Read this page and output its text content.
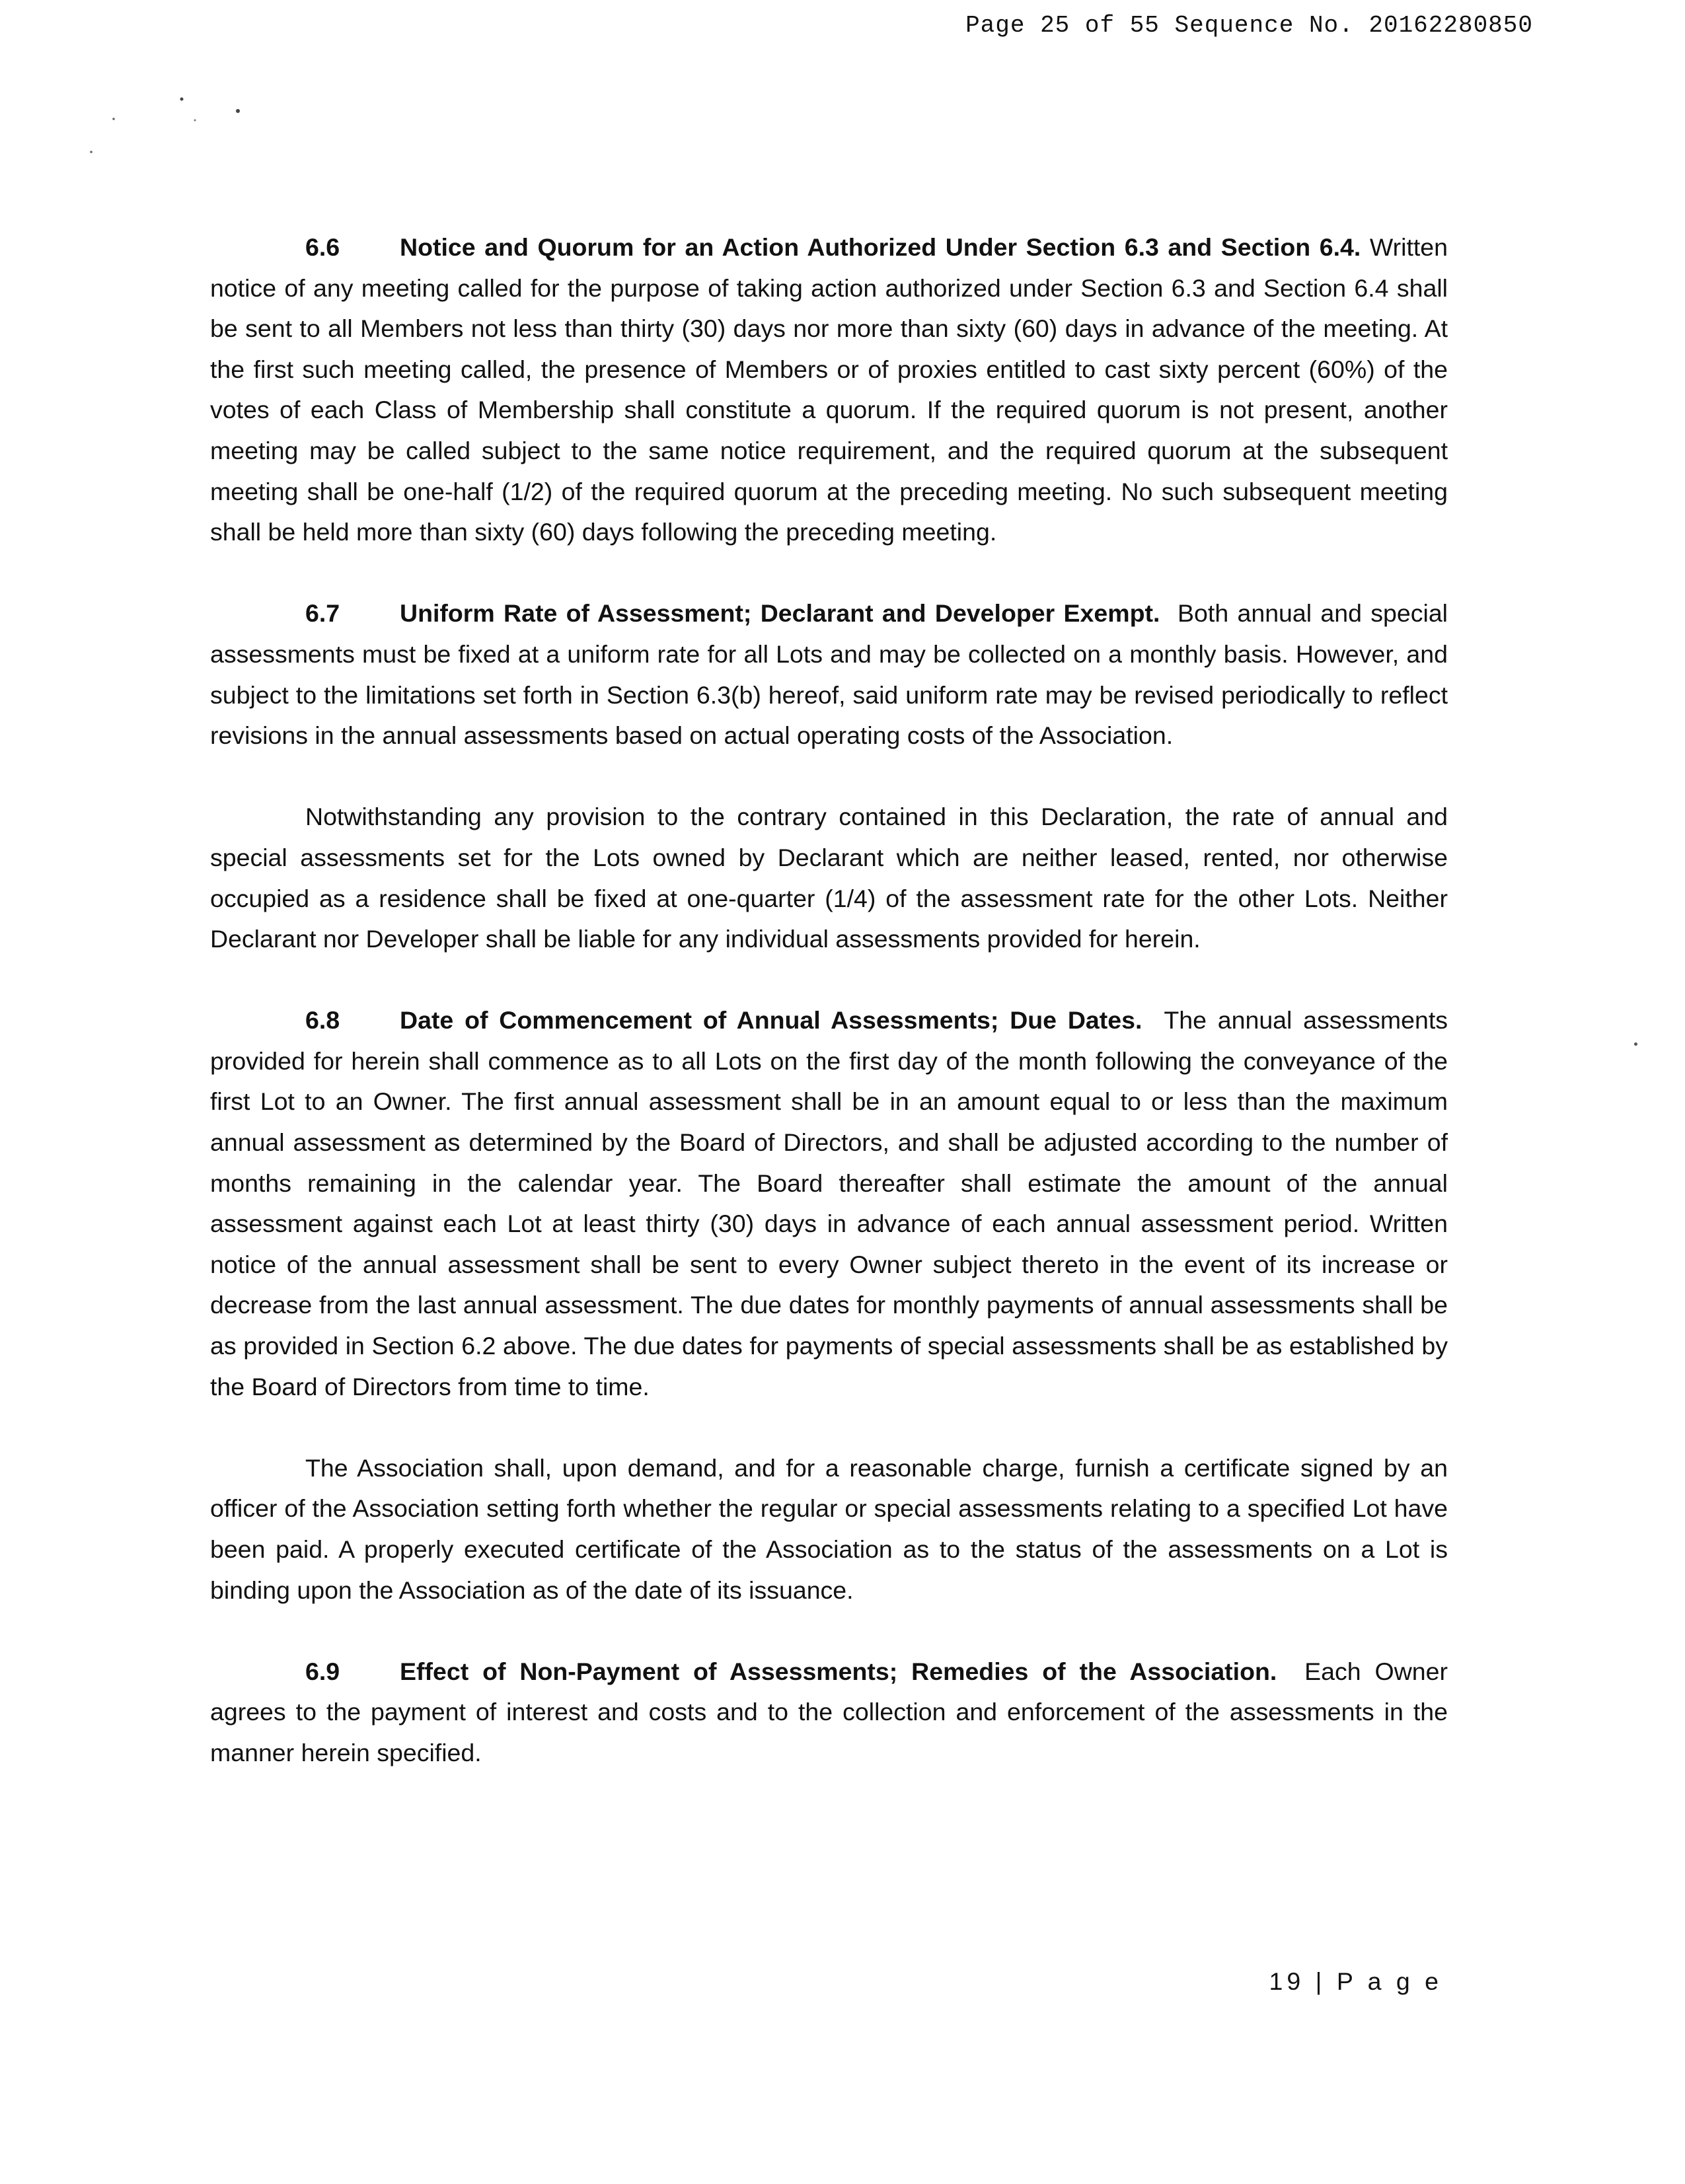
Page 25 of 55 Sequence No. 20162280850

6.6 Notice and Quorum for an Action Authorized Under Section 6.3 and Section 6.4. Written notice of any meeting called for the purpose of taking action authorized under Section 6.3 and Section 6.4 shall be sent to all Members not less than thirty (30) days nor more than sixty (60) days in advance of the meeting. At the first such meeting called, the presence of Members or of proxies entitled to cast sixty percent (60%) of the votes of each Class of Membership shall constitute a quorum. If the required quorum is not present, another meeting may be called subject to the same notice requirement, and the required quorum at the subsequent meeting shall be one-half (1/2) of the required quorum at the preceding meeting. No such subsequent meeting shall be held more than sixty (60) days following the preceding meeting.

6.7 Uniform Rate of Assessment; Declarant and Developer Exempt. Both annual and special assessments must be fixed at a uniform rate for all Lots and may be collected on a monthly basis. However, and subject to the limitations set forth in Section 6.3(b) hereof, said uniform rate may be revised periodically to reflect revisions in the annual assessments based on actual operating costs of the Association.

Notwithstanding any provision to the contrary contained in this Declaration, the rate of annual and special assessments set for the Lots owned by Declarant which are neither leased, rented, nor otherwise occupied as a residence shall be fixed at one-quarter (1/4) of the assessment rate for the other Lots. Neither Declarant nor Developer shall be liable for any individual assessments provided for herein.

6.8 Date of Commencement of Annual Assessments; Due Dates. The annual assessments provided for herein shall commence as to all Lots on the first day of the month following the conveyance of the first Lot to an Owner. The first annual assessment shall be in an amount equal to or less than the maximum annual assessment as determined by the Board of Directors, and shall be adjusted according to the number of months remaining in the calendar year. The Board thereafter shall estimate the amount of the annual assessment against each Lot at least thirty (30) days in advance of each annual assessment period. Written notice of the annual assessment shall be sent to every Owner subject thereto in the event of its increase or decrease from the last annual assessment. The due dates for monthly payments of annual assessments shall be as provided in Section 6.2 above. The due dates for payments of special assessments shall be as established by the Board of Directors from time to time.

The Association shall, upon demand, and for a reasonable charge, furnish a certificate signed by an officer of the Association setting forth whether the regular or special assessments relating to a specified Lot have been paid. A properly executed certificate of the Association as to the status of the assessments on a Lot is binding upon the Association as of the date of its issuance.

6.9 Effect of Non-Payment of Assessments; Remedies of the Association. Each Owner agrees to the payment of interest and costs and to the collection and enforcement of the assessments in the manner herein specified.

19 | P a g e
